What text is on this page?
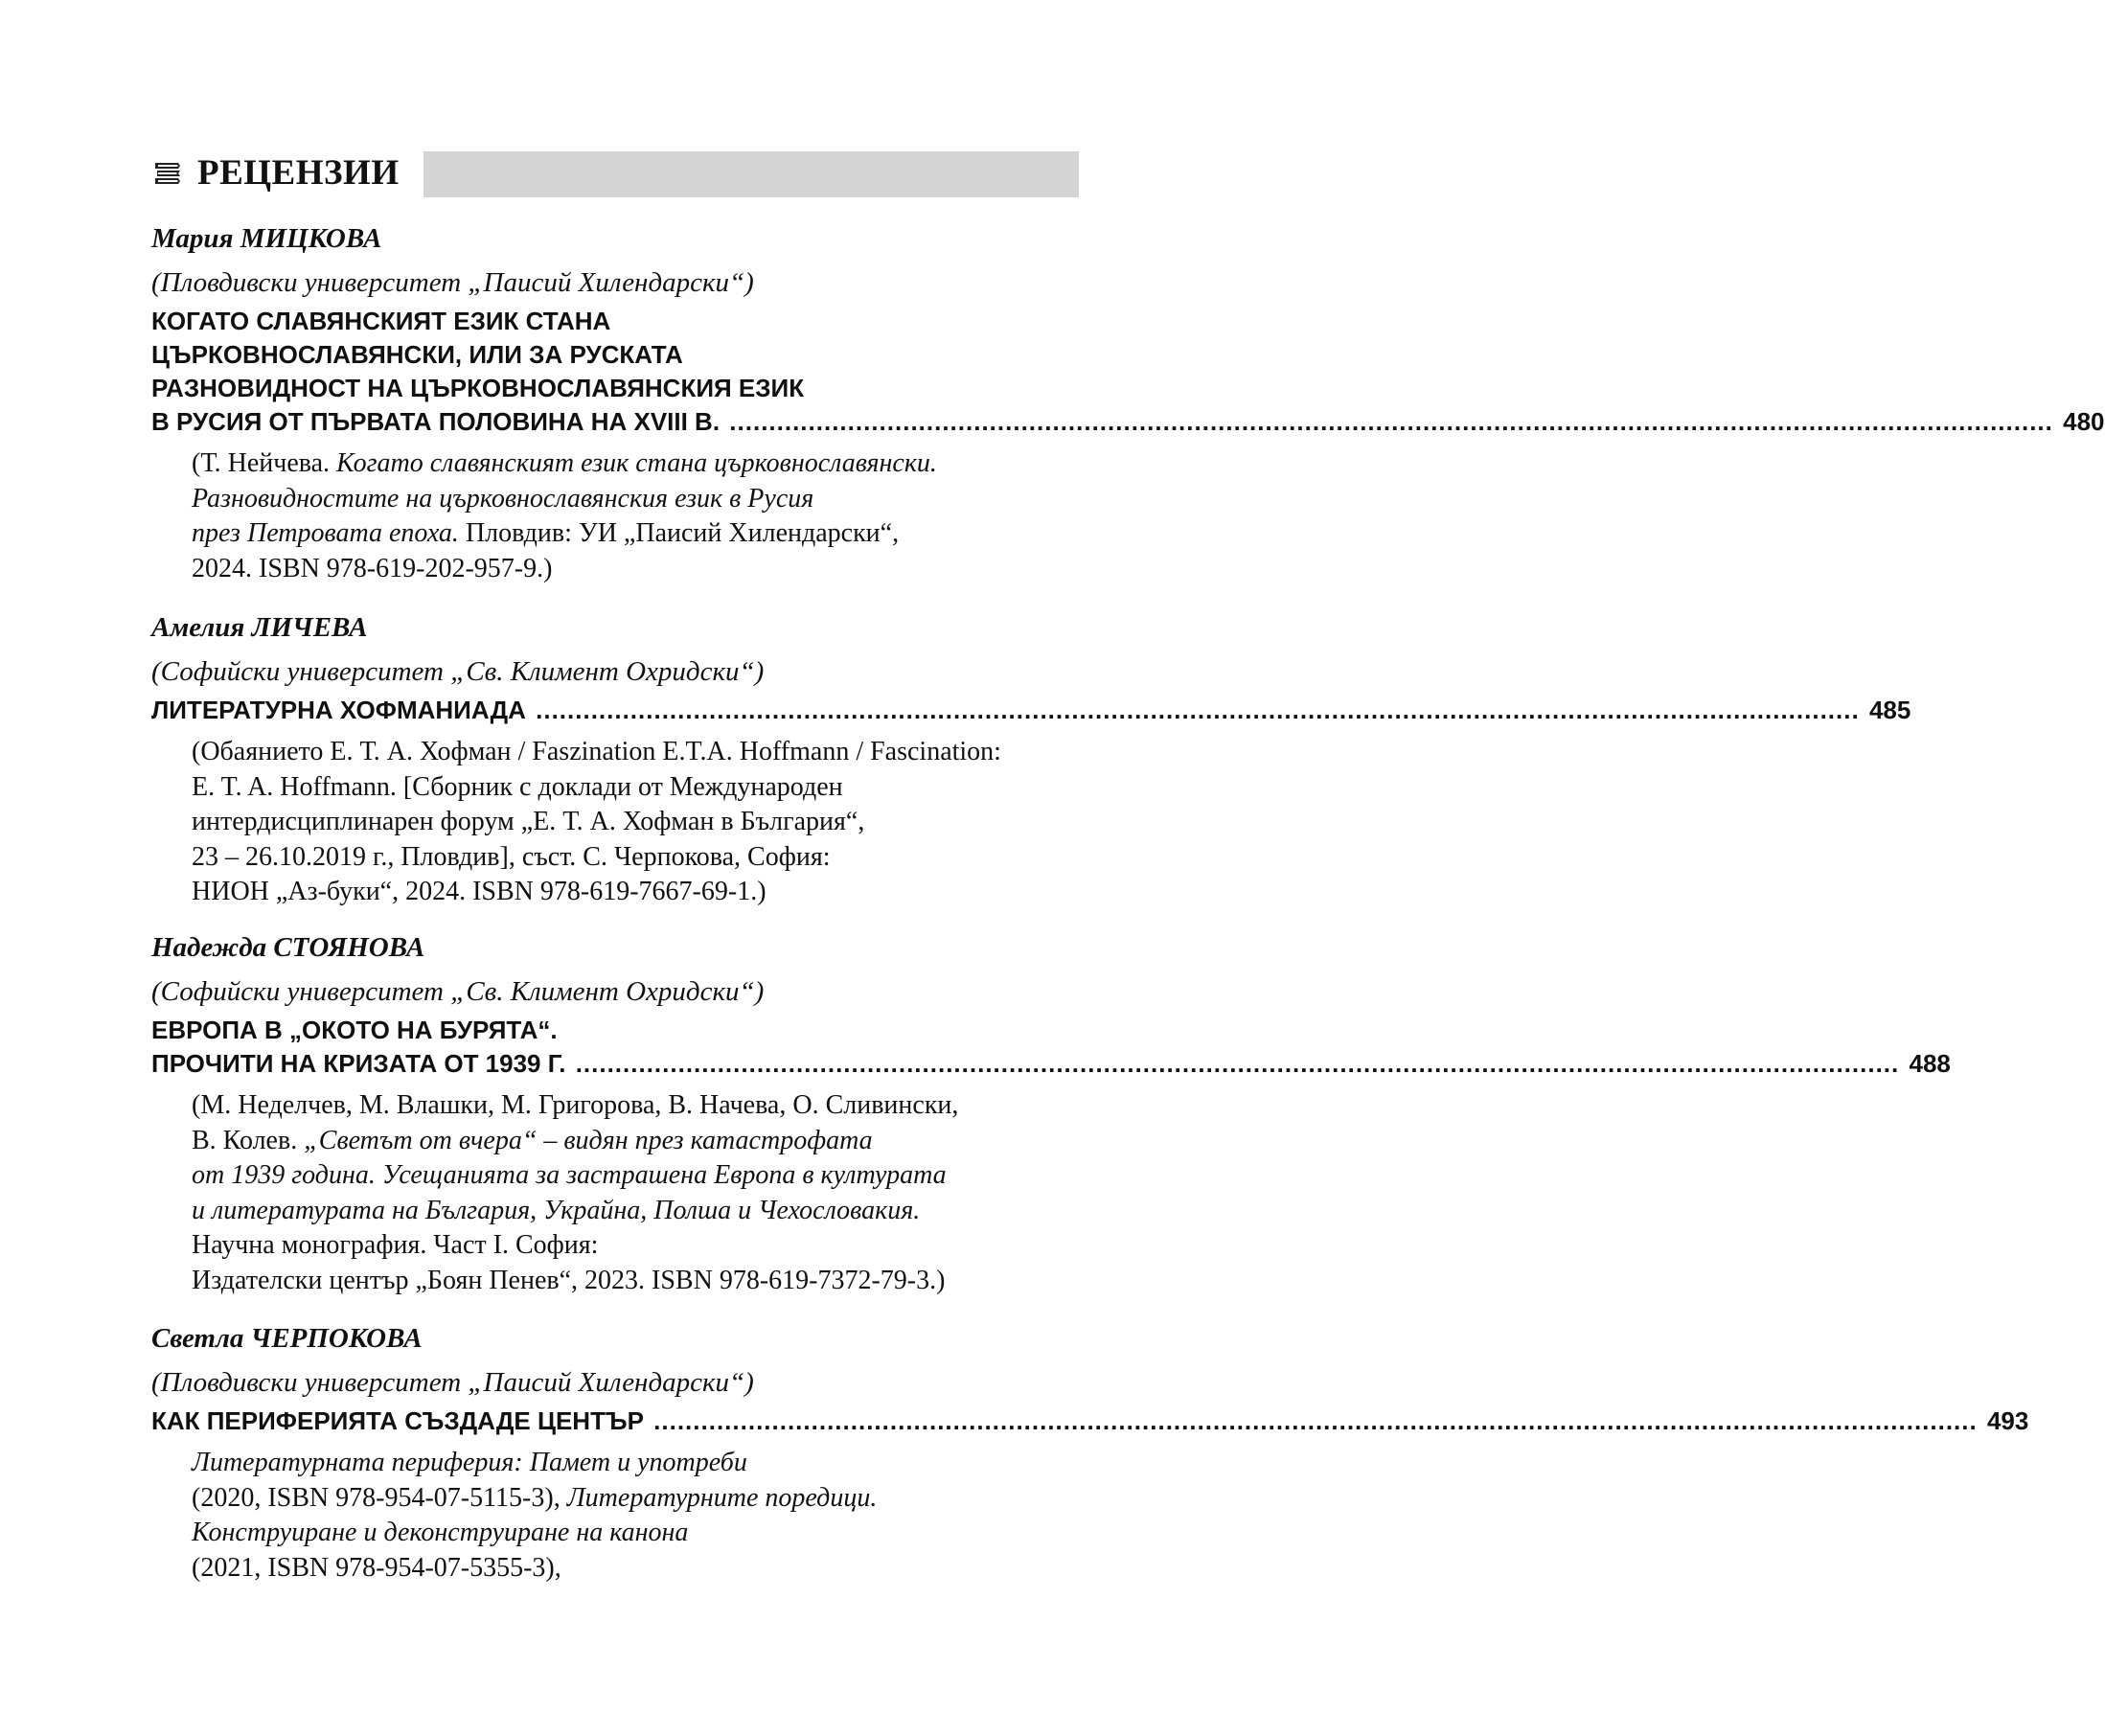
РЕЦЕНЗИИ
Мария МИЦКОВА
(Пловдивски университет „Паисий Хилендарски“)
КОГАТО СЛАВЯНСКИЯТ ЕЗИК СТАНА
ЦЪРКОВНОСЛАВЯНСКИ, ИЛИ ЗА РУСКАТА
РАЗНОВИДНОСТ НА ЦЪРКОВНОСЛАВЯНСКИЯ ЕЗИК
В РУСИЯ ОТ ПЪРВАТА ПОЛОВИНА НА XVIII В. .....	480
(Т. Нейчева. Когато славянският език стана църковнославянски.
Разновидностите на църковнославянския език в Русия
през Петровата епоха. Пловдив: УИ „Паисий Хилендарски“,
2024. ISBN 978-619-202-957-9.)
Амелия ЛИЧЕВА
(Софийски университет „Св. Климент Охридски“)
ЛИТЕРАТУРНА ХОФМАНИАДА .....	485
(Обаянието Е. Т. А. Хофман / Faszination E.T.A. Hoffmann / Fascination:
E. T. A. Hoffmann. [Сборник с доклади от Международен
интердисциплинарен форум „Е. Т. А. Хофман в България“,
23 – 26.10.2019 г., Пловдив], съст. С. Черпокова, София:
НИОН „Аз-буки“, 2024. ISBN 978-619-7667-69-1.)
Надежда СТОЯНОВА
(Софийски университет „Св. Климент Охридски“)
ЕВРОПА В „ОКОТО НА БУРЯТА“.
ПРОЧИТИ НА КРИЗАТА ОТ 1939 Г. .....	488
(М. Неделчев, М. Влашки, М. Григорова, В. Начева, О. Сливински,
В. Колев. „Светът от вчера“ – видян през катастрофата
от 1939 година. Усещанията за застрашена Европа в културата
и литературата на България, Украйна, Полша и Чехословакия.
Научна монография. Част I. София:
Издателски център „Боян Пенев“, 2023. ISBN 978-619-7372-79-3.)
Светла ЧЕРПОКОВА
(Пловдивски университет „Паисий Хилендарски“)
КАК ПЕРИФЕРИЯТА СЪЗДАДЕ ЦЕНТЪР .....	493
Литературната периферия: Памет и употреби
(2020, ISBN 978-954-07-5115-3), Литературните поредици.
Конструиране и деконструиране на канона
(2021, ISBN 978-954-07-5355-3),
